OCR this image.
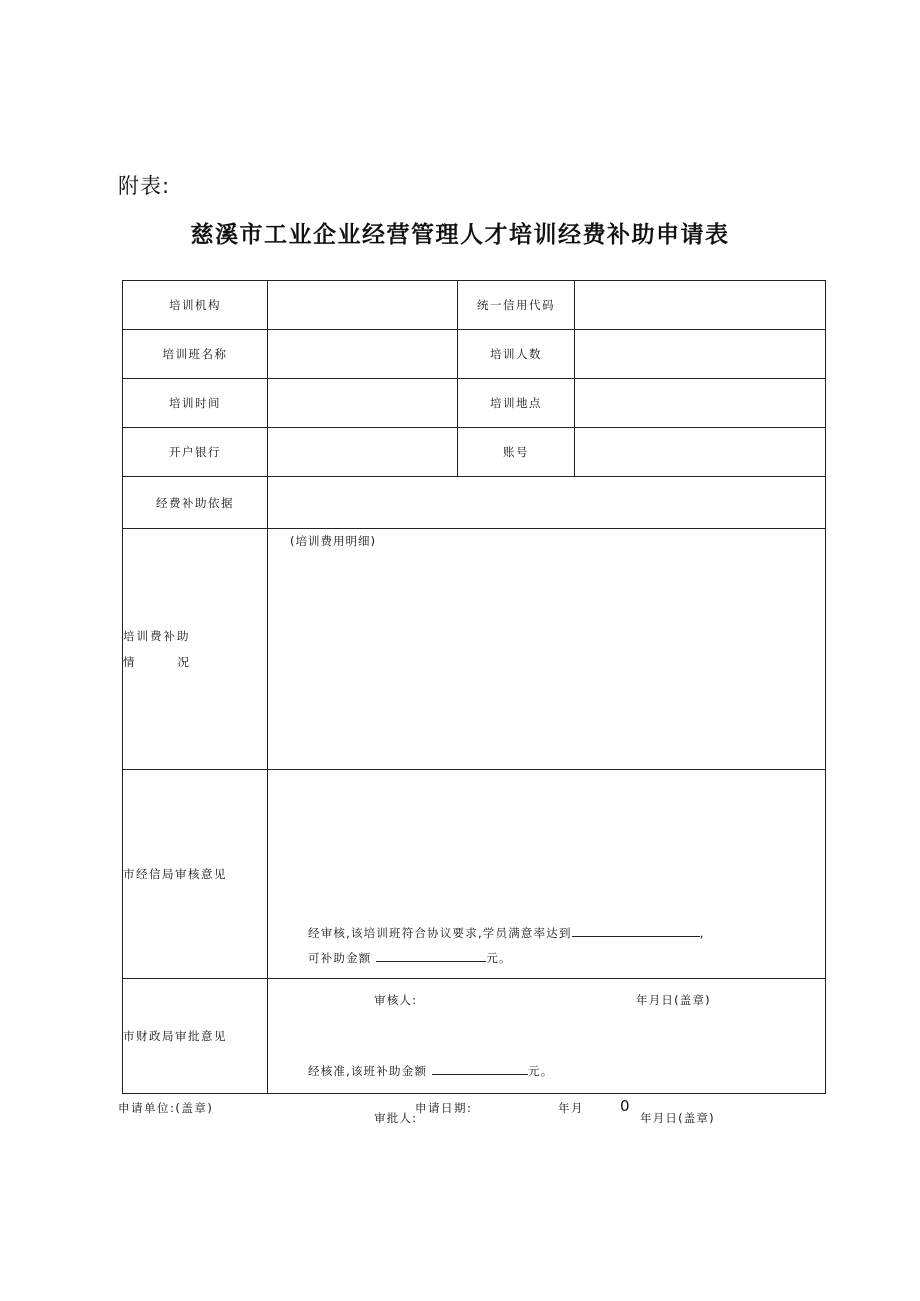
附表:
慈溪市工业企业经营管理人才培训经费补助申请表
培训机构		统一信用代码	
培训班名称		培训人数	
培训时间		培训地点	
开户银行		账号	
经费补助依据			

培训费补助
情 况	(培训费用明细)		

市经信局审核意见	经审核,该培训班符合协议要求,学员满意率达到 ,
可补助金额 元。
审核人: 年月日(盖章)		

市财政局审批意见	经核准,该班补助金额 元。
审批人: 年月日(盖章)		
申请单位:(盖章)	申请日期:	年月 0
